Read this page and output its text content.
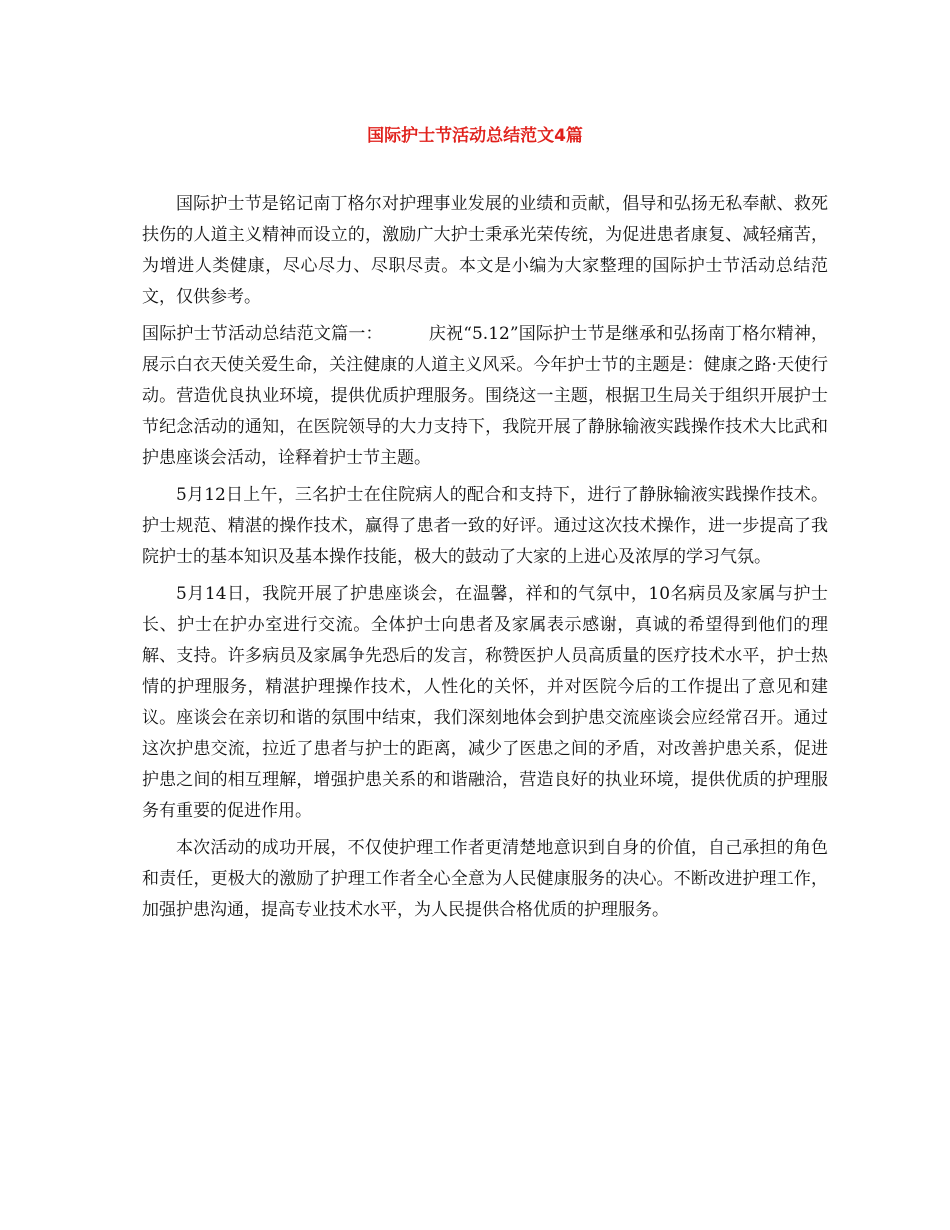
国际护士节活动总结范文4篇

国际护士节是铭记南丁格尔对护理事业发展的业绩和贡献，倡导和弘扬无私奉献、救死扶伤的人道主义精神而设立的，激励广大护士秉承光荣传统，为促进患者康复、减轻痛苦，为增进人类健康，尽心尽力、尽职尽责。本文是小编为大家整理的国际护士节活动总结范文，仅供参考。

国际护士节活动总结范文篇一：	庆祝“5.12”国际护士节是继承和弘扬南丁格尔精神，展示白衣天使关爱生命，关注健康的人道主义风采。今年护士节的主题是：健康之路·天使行动。营造优良执业环境，提供优质护理服务。围绕这一主题，根据卫生局关于组织开展护士节纪念活动的通知，在医院领导的大力支持下，我院开展了静脉输液实践操作技术大比武和护患座谈会活动，诠释着护士节主题。

5月12日上午，三名护士在住院病人的配合和支持下，进行了静脉输液实践操作技术。护士规范、精湛的操作技术，赢得了患者一致的好评。通过这次技术操作，进一步提高了我院护士的基本知识及基本操作技能，极大的鼓动了大家的上进心及浓厚的学习气氛。

5月14日，我院开展了护患座谈会，在温馨，祥和的气氛中，10名病员及家属与护士长、护士在护办室进行交流。全体护士向患者及家属表示感谢，真诚的希望得到他们的理解、支持。许多病员及家属争先恐后的发言，称赞医护人员高质量的医疗技术水平，护士热情的护理服务，精湛护理操作技术，人性化的关怀，并对医院今后的工作提出了意见和建议。座谈会在亲切和谐的氛围中结束，我们深刻地体会到护患交流座谈会应经常召开。通过这次护患交流，拉近了患者与护士的距离，减少了医患之间的矛盾，对改善护患关系，促进护患之间的相互理解，增强护患关系的和谐融洽，营造良好的执业环境，提供优质的护理服务有重要的促进作用。

本次活动的成功开展，不仅使护理工作者更清楚地意识到自身的价值，自己承担的角色和责任，更极大的激励了护理工作者全心全意为人民健康服务的决心。不断改进护理工作，加强护患沟通，提高专业技术水平，为人民提供合格优质的护理服务。
